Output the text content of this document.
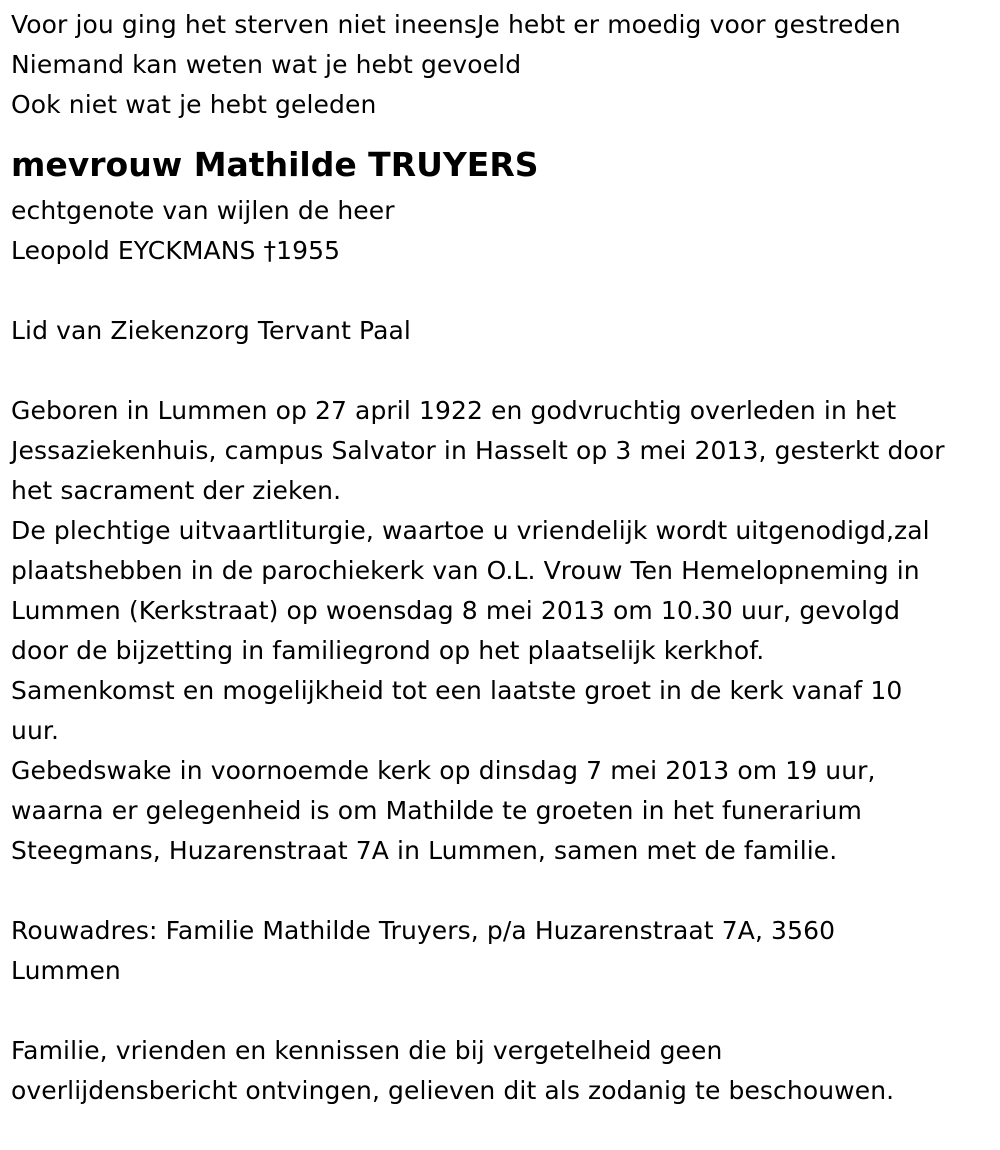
Voor jou ging het sterven niet ineensJe hebt er moedig voor gestreden
Niemand kan weten wat je hebt gevoeld
Ook niet wat je hebt geleden
mevrouw Mathilde TRUYERS
echtgenote van wijlen de heer
Leopold EYCKMANS †1955
Lid van Ziekenzorg Tervant Paal
Geboren in Lummen op 27 april 1922 en godvruchtig overleden in het
Jessaziekenhuis, campus Salvator in Hasselt op 3 mei 2013, gesterkt door
het sacrament der zieken.
De plechtige uitvaartliturgie, waartoe u vriendelijk wordt uitgenodigd,zal
plaatshebben in de parochiekerk van O.L. Vrouw Ten Hemelopneming in
Lummen (Kerkstraat) op woensdag 8 mei 2013 om 10.30 uur, gevolgd
door de bijzetting in familiegrond op het plaatselijk kerkhof.
Samenkomst en mogelijkheid tot een laatste groet in de kerk vanaf 10
uur.
Gebedswake in voornoemde kerk op dinsdag 7 mei 2013 om 19 uur,
waarna er gelegenheid is om Mathilde te groeten in het funerarium
Steegmans, Huzarenstraat 7A in Lummen, samen met de familie.
Rouwadres: Familie Mathilde Truyers, p/a Huzarenstraat 7A, 3560
Lummen
Familie, vrienden en kennissen die bij vergetelheid geen
overlijdensbericht ontvingen, gelieven dit als zodanig te beschouwen.
